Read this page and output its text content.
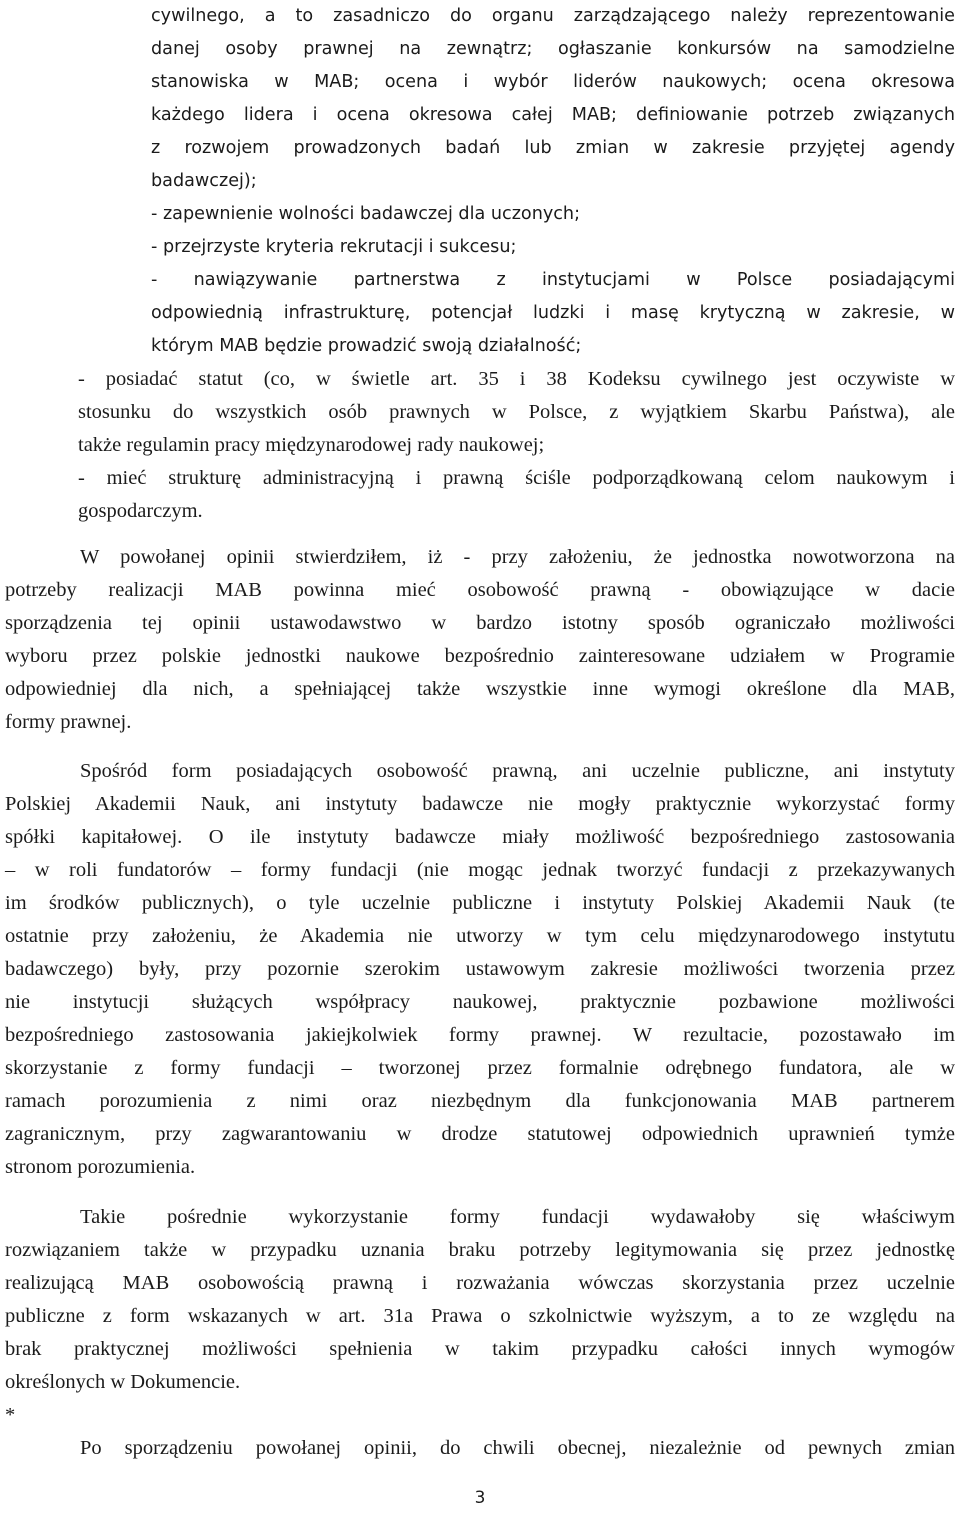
cywilnego, a to zasadniczo do organu zarządzającego należy reprezentowanie
danej osoby prawnej na zewnątrz; ogłaszanie konkursów na samodzielne
stanowiska w MAB; ocena i wybór liderów naukowych; ocena okresowa
każdego lidera i ocena okresowa całej MAB; definiowanie potrzeb związanych
z rozwojem prowadzonych badań lub zmian w zakresie przyjętej agendy
badawczej);
- zapewnienie wolności badawczej dla uczonych;
- przejrzyste kryteria rekrutacji i sukcesu;
- nawiązywanie partnerstwa z instytucjami w Polsce posiadającymi
odpowiednią infrastrukturę, potencjał ludzki i masę krytyczną w zakresie, w
którym MAB będzie prowadzić swoją działalność;
- posiadać statut (co, w świetle art. 35 i 38 Kodeksu cywilnego jest oczywiste w
stosunku do wszystkich osób prawnych w Polsce, z wyjątkiem Skarbu Państwa), ale
także regulamin pracy międzynarodowej rady naukowej;
- mieć strukturę administracyjną i prawną ściśle podporządkowaną celom naukowym i
gospodarczym.
W powołanej opinii stwierdziłem, iż - przy założeniu, że jednostka nowotworzona na
potrzeby realizacji MAB powinna mieć osobowość prawną - obowiązujące w dacie
sporządzenia tej opinii ustawodawstwo w bardzo istotny sposób ograniczało możliwości
wyboru przez polskie jednostki naukowe bezpośrednio zainteresowane udziałem w Programie
odpowiedniej dla nich, a spełniającej także wszystkie inne wymogi określone dla MAB,
formy prawnej.
Spośród form posiadających osobowość prawną, ani uczelnie publiczne, ani instytuty
Polskiej Akademii Nauk, ani instytuty badawcze nie mogły praktycznie wykorzystać formy
spółki kapitałowej. O ile instytuty badawcze miały możliwość bezpośredniego zastosowania
– w roli fundatorów – formy fundacji (nie mogąc jednak tworzyć fundacji z przekazywanych
im środków publicznych), o tyle uczelnie publiczne i instytuty Polskiej Akademii Nauk (te
ostatnie przy założeniu, że Akademia nie utworzy w tym celu międzynarodowego instytutu
badawczego) były, przy pozornie szerokim ustawowym zakresie możliwości tworzenia przez
nie instytucji służących współpracy naukowej, praktycznie pozbawione możliwości
bezpośredniego zastosowania jakiejkolwiek formy prawnej. W rezultacie, pozostawało im
skorzystanie z formy fundacji – tworzonej przez formalnie odrębnego fundatora, ale w
ramach porozumienia z nimi oraz niezbędnym dla funkcjonowania MAB partnerem
zagranicznym, przy zagwarantowaniu w drodze statutowej odpowiednich uprawnień tymże
stronom porozumienia.
Takie pośrednie wykorzystanie formy fundacji wydawałoby się właściwym
rozwiązaniem także w przypadku uznania braku potrzeby legitymowania się przez jednostkę
realizującą MAB osobowością prawną i rozważania wówczas skorzystania przez uczelnie
publiczne z form wskazanych w art. 31a Prawa o szkolnictwie wyższym, a to ze względu na
brak praktycznej możliwości spełnienia w takim przypadku całości innych wymogów
określonych w Dokumencie.
*
Po sporządzeniu powołanej opinii, do chwili obecnej, niezależnie od pewnych zmian
3
